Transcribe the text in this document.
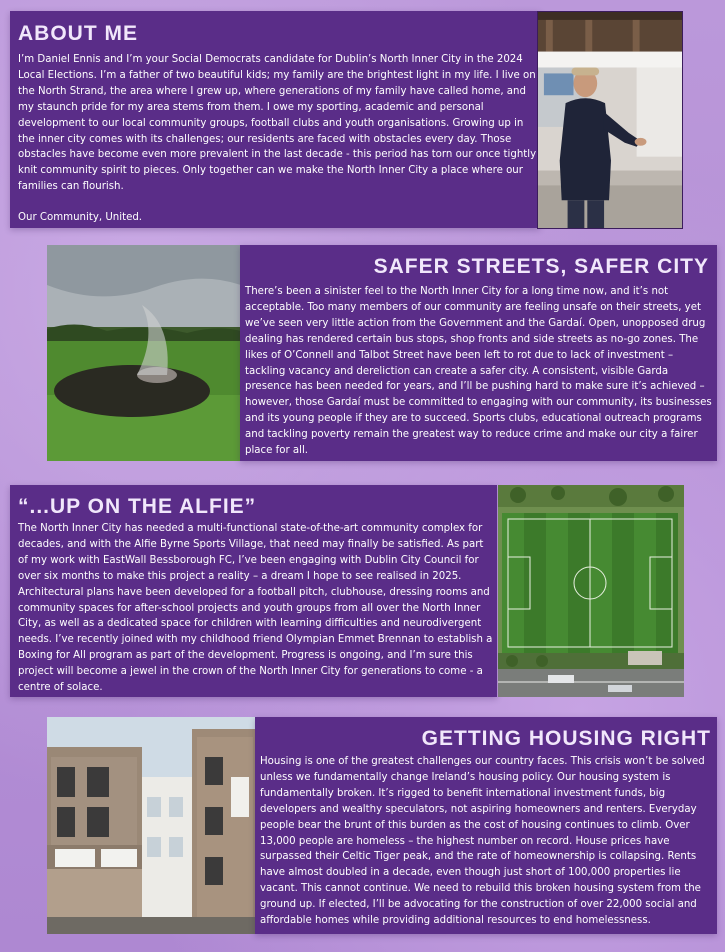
ABOUT ME

I’m Daniel Ennis and I’m your Social Democrats candidate for Dublin’s North Inner City in the 2024 Local Elections. I’m a father of two beautiful kids; my family are the brightest light in my life. I live on the North Strand, the area where I grew up, where generations of my family have called home, and my staunch pride for my area stems from them. I owe my sporting, academic and personal development to our local community groups, football clubs and youth organisations. Growing up in the inner city comes with its challenges; our residents are faced with obstacles every day. Those obstacles have become even more prevalent in the last decade - this period has torn our once tightly knit community spirit to pieces. Only together can we make the North Inner City a place where our families can flourish.

Our Community, United.

SAFER STREETS, SAFER CITY

There’s been a sinister feel to the North Inner City for a long time now, and it’s not acceptable. Too many members of our community are feeling unsafe on their streets, yet we’ve seen very little action from the Government and the Gardaí. Open, unopposed drug dealing has rendered certain bus stops, shop fronts and side streets as no-go zones. The likes of O’Connell and Talbot Street have been left to rot due to lack of investment – tackling vacancy and dereliction can create a safer city. A consistent, visible Garda presence has been needed for years, and I’ll be pushing hard to make sure it’s achieved – however, those Gardaí must be committed to engaging with our community, its businesses and its young people if they are to succeed. Sports clubs, educational outreach programs and tackling poverty remain the greatest way to reduce crime and make our city a fairer place for all.

“...UP ON THE ALFIE”

The North Inner City has needed a multi-functional state-of-the-art community complex for decades, and with the Alfie Byrne Sports Village, that need may finally be satisfied. As part of my work with EastWall Bessborough FC, I’ve been engaging with Dublin City Council for over six months to make this project a reality – a dream I hope to see realised in 2025. Architectural plans have been developed for a football pitch, clubhouse, dressing rooms and community spaces for after-school projects and youth groups from all over the North Inner City, as well as a dedicated space for children with learning difficulties and neurodivergent needs. I’ve recently joined with my childhood friend Olympian Emmet Brennan to establish a Boxing for All program as part of the development. Progress is ongoing, and I’m sure this project will become a jewel in the crown of the North Inner City for generations to come - a centre of solace.

GETTING HOUSING RIGHT

Housing is one of the greatest challenges our country faces. This crisis won’t be solved unless we fundamentally change Ireland’s housing policy. Our housing system is fundamentally broken. It’s rigged to benefit international investment funds, big developers and wealthy speculators, not aspiring homeowners and renters. Everyday people bear the brunt of this burden as the cost of housing continues to climb. Over 13,000 people are homeless – the highest number on record. House prices have surpassed their Celtic Tiger peak, and the rate of homeownership is collapsing. Rents have almost doubled in a decade, even though just short of 100,000 properties lie vacant. This cannot continue. We need to rebuild this broken housing system from the ground up. If elected, I’ll be advocating for the construction of over 22,000 social and affordable homes while providing additional resources to end homelessness.
